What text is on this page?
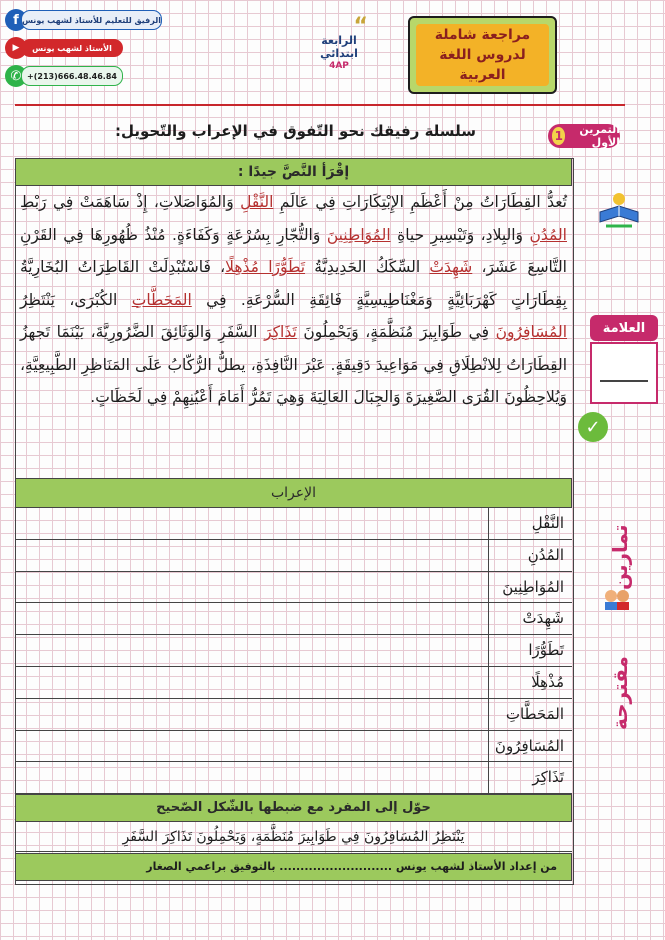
f الرفيق للتعليم للأستاذ لشهب يونس
▶	الأستاذ لشهب يونس
✆ +(213)666.48.46.84
“
الرابعة
ابتدائي
4AP
مراجعة شاملة
لدروس اللغة
العربية
التمرين الأول
1
سلسلة رفيقك نحو التّفوق في الإعراب والتّحويل:
إقْرَأ النَّصَّ جيدًا :
تُعدُّ القِطَارَاتُ مِنْ أَعْظَمِ الإِبْتِكَارَاتِ فِي عَالَمِ النَّقْلِ وَالمُوَاصَلاتِ، إِذْ سَاهَمَتْ فِي رَبْطِ المُدُنِ وَالبِلادِ، وَتَيْسِيرِ حياةِ المُوَاطِنِينَ وَالتُّجّارِ بِسُرْعَةٍ وَكَفَاءَةٍ. مُنْذُ ظُهُورِهَا فِي القَرْنِ التَّاسِعَ عَشَرَ، شَهِدَتْ السِّكَكُ الحَدِيدِيَّةُ تَطَوُّرًا مُذْهِلًا، فَاسْتُبْدِلَتْ القَاطِرَاتُ البُخَارِيَّةُ بِقِطَارَاتٍ كَهْرَبَائِيَّةٍ وَمَغْنَاطِيسِيَّةٍ فَائِقَةِ السُّرْعَةِ. فِي المَحَطَّاتِ الكُبْرَى، يَنْتَظِرُ المُسَافِرُونَ فِي طَوَابِيرَ مُنَظَّمَةٍ، وَيَحْمِلُونَ تَذَاكِرَ السَّفَرِ وَالوَثَائِقَ الضَّرُورِيَّةَ، بَيْنَمَا تَجهزُ القِطَارَاتُ لِلانْطِلَاقِ فِي مَوَاعِيدَ دَقِيقَةٍ. عَبْرَ النَّافِذَةِ، يطلُّ الرُّكّابُ عَلَى المَنَاظِرِ الطَّبِيعِيَّةِ، وَيُلاحِظُونَ القُرَى الصَّغِيرَةَ وَالجِبَالَ العَالِيَةَ وَهِيَ تَمُرُّ أَمَامَ أَعْيُنِهِمْ فِي لَحَظَاتٍ.
الإعراب
النَّقْلِ
المُدُنِ
المُوَاطِنِينَ
شَهِدَتْ
تَطَوُّرًا
مُذْهِلًا
المَحَطَّاتِ
المُسَافِرُونَ
تَذَاكِرَ
حوّل إلى المفرد مع ضبطها بالشّكل الصّحيح
يَنْتَظِرُ المُسَافِرُونَ فِي طَوَابِيرَ مُنَظَّمَةٍ، وَيَحْمِلُونَ تَذَاكِرَ السَّفَرِ
من إعداد الأستاذ لشهب يونس ........................... بالتوفيق براعمي الصغار
العلامة
✓
تمارين
مقترحة
